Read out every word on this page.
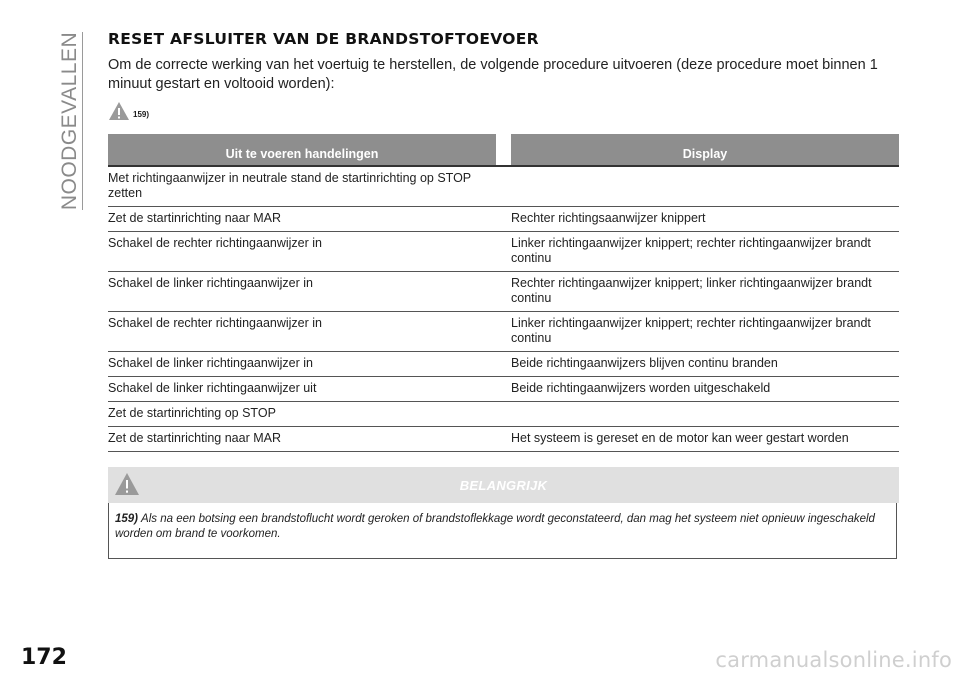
NOODGEVALLEN RESET AFSLUITER VAN DE BRANDSTOFTOEVOER

Om de correcte werking van het voertuig te herstellen, de volgende procedure uitvoeren (deze procedure moet binnen 1 minuut gestart en voltooid worden):

159)
Uit te voeren handelingen		Display
Met richtingaanwijzer in neutrale stand de startinrichting op STOP zetten		
Zet de startinrichting naar MAR		Rechter richtingsaanwijzer knippert
Schakel de rechter richtingaanwijzer in		Linker richtingaanwijzer knippert; rechter richtingaanwijzer brandt continu
Schakel de linker richtingaanwijzer in		Rechter richtingaanwijzer knippert; linker richtingaanwijzer brandt continu
Schakel de rechter richtingaanwijzer in		Linker richtingaanwijzer knippert; rechter richtingaanwijzer brandt continu
Schakel de linker richtingaanwijzer in		Beide richtingaanwijzers blijven continu branden
Schakel de linker richtingaanwijzer uit		Beide richtingaanwijzers worden uitgeschakeld
Zet de startinrichting op STOP		
Zet de startinrichting naar MAR		Het systeem is gereset en de motor kan weer gestart worden
BELANGRIJK

159) Als na een botsing een brandstoflucht wordt geroken of brandstoflekkage wordt geconstateerd, dan mag het systeem niet opnieuw ingeschakeld worden om brand te voorkomen.

172	carmanualsonline.info
